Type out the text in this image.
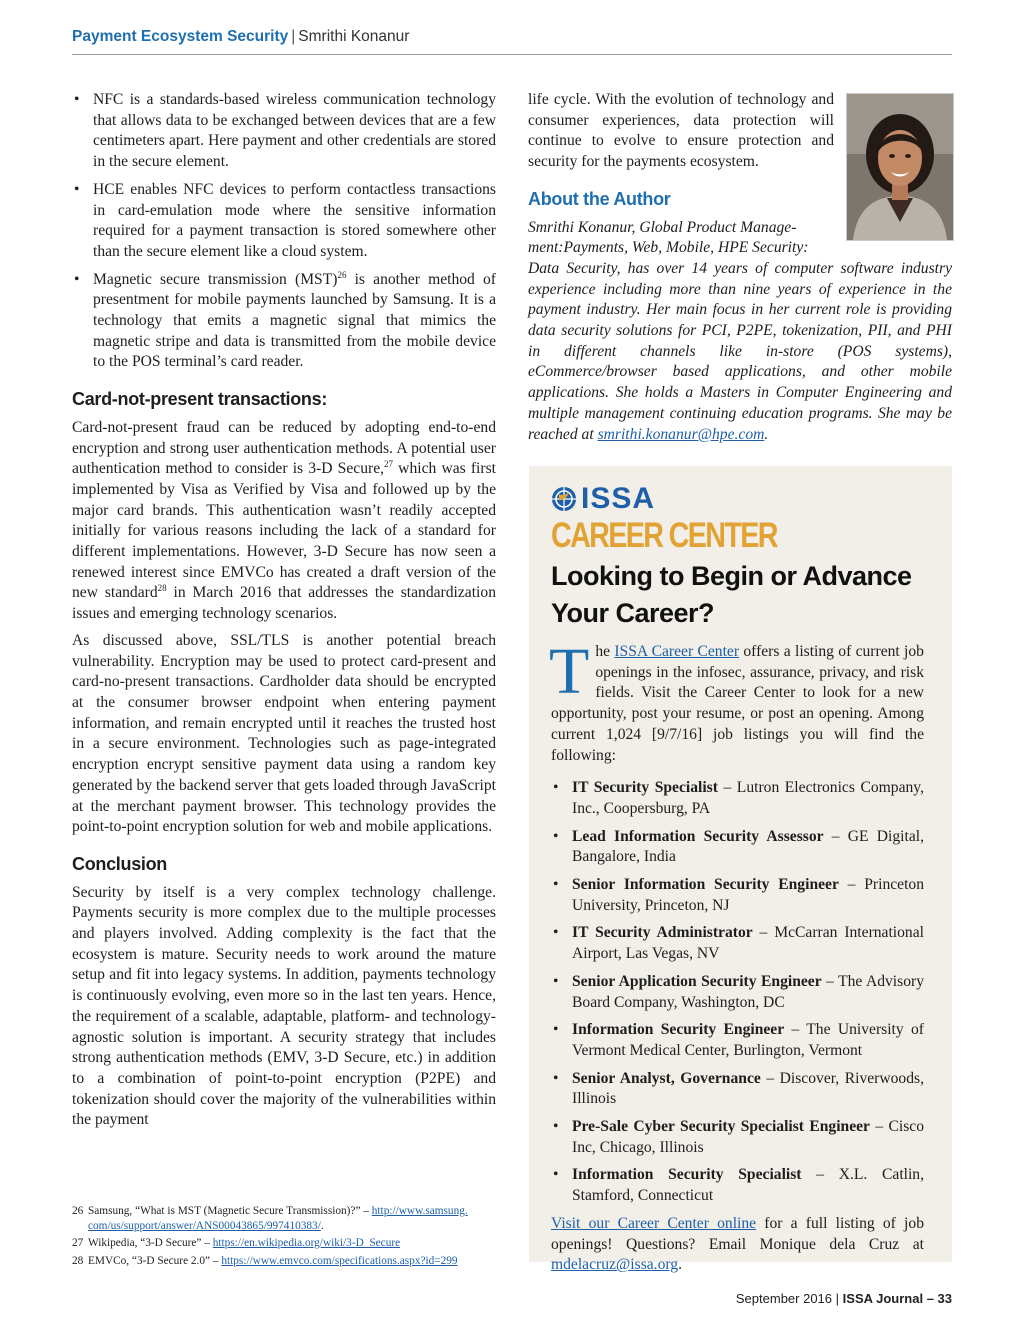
Payment Ecosystem Security | Smrithi Konanur
• NFC is a standards-based wireless communication technology that allows data to be exchanged between devices that are a few centimeters apart. Here payment and other credentials are stored in the secure element.
• HCE enables NFC devices to perform contactless transactions in card-emulation mode where the sensitive information required for a payment transaction is stored somewhere other than the secure element like a cloud system.
• Magnetic secure transmission (MST)$^{26}$ is another method of presentment for mobile payments launched by Samsung. It is a technology that emits a magnetic signal that mimics the magnetic stripe and data is transmitted from the mobile device to the POS terminal’s card reader.
Card-not-present transactions:

Card-not-present fraud can be reduced by adopting end-to-end encryption and strong user authentication methods. A potential user authentication method to consider is 3-D Secure,$^{27}$ which was first implemented by Visa as Verified by Visa and followed up by the major card brands. This authentication wasn’t readily accepted initially for various reasons including the lack of a standard for different implementations. However, 3-D Secure has now seen a renewed interest since EMVCo has created a draft version of the new standard$^{28}$ in March 2016 that addresses the standardization issues and emerging technology scenarios.

As discussed above, SSL/TLS is another potential breach vulnerability. Encryption may be used to protect card-present and card-no-present transactions. Cardholder data should be encrypted at the consumer browser endpoint when entering payment information, and remain encrypted until it reaches the trusted host in a secure environment. Technologies such as page-integrated encryption encrypt sensitive payment data using a random key generated by the backend server that gets loaded through JavaScript at the merchant payment browser. This technology provides the point-to-point encryption solution for web and mobile applications.

Conclusion

Security by itself is a very complex technology challenge. Payments security is more complex due to the multiple processes and players involved. Adding complexity is the fact that the ecosystem is mature. Security needs to work around the mature setup and fit into legacy systems. In addition, payments technology is continuously evolving, even more so in the last ten years. Hence, the requirement of a scalable, adaptable, platform- and technology-agnostic solution is important. A security strategy that includes strong authentication methods (EMV, 3-D Secure, etc.) in addition to a combination of point-to-point encryption (P2PE) and tokenization should cover the majority of the vulnerabilities within the payment

26 Samsung, “What is MST (Magnetic Secure Transmission)?” – http://www.samsung.
com/us/support/answer/ANS00043865/997410383/.
27 Wikipedia, “3-D Secure” – https://en.wikipedia.org/wiki/3-D_Secure
28 EMVCo, “3-D Secure 2.0” – https://www.emvco.com/specifications.aspx?id=299

life cycle. With the evolution of technology and consumer experiences, data protection will continue to evolve to ensure protection and security for the payments ecosystem.

About the Author

Smrithi Konanur, Global Product Manage-
ment:Payments, Web, Mobile, HPE Security:
Data Security, has over 14 years of computer software industry experience including more than nine years of experience in the payment industry. Her main focus in her current role is providing data security solutions for PCI, P2PE, tokenization, PII, and PHI in different channels like in-store (POS systems), eCommerce/browser based applications, and other mobile applications. She holds a Masters in Computer Engineering and multiple management continuing education programs. She may be reached at smrithi.konanur@hpe.com.

ISSA
CAREER CENTER
Looking to Begin or Advance Your Career?

The ISSA Career Center offers a listing of current job openings in the infosec, assurance, privacy, and risk fields. Visit the Career Center to look for a new opportunity, post your resume, or post an opening. Among current 1,024 [9/7/16] job listings you will find the following:

• IT Security Specialist – Lutron Electronics Company, Inc., Coopersburg, PA
• Lead Information Security Assessor – GE Digital, Bangalore, India
• Senior Information Security Engineer – Princeton University, Princeton, NJ
• IT Security Administrator – McCarran International Airport, Las Vegas, NV
• Senior Application Security Engineer – The Advisory Board Company, Washington, DC
• Information Security Engineer – The University of Vermont Medical Center, Burlington, Vermont
• Senior Analyst, Governance – Discover, Riverwoods, Illinois
• Pre-Sale Cyber Security Specialist Engineer – Cisco Inc, Chicago, Illinois
• Information Security Specialist – X.L. Catlin, Stamford, Connecticut

Visit our Career Center online for a full listing of job openings! Questions? Email Monique dela Cruz at mdelacruz@issa.org.

September 2016 | ISSA Journal – 33
